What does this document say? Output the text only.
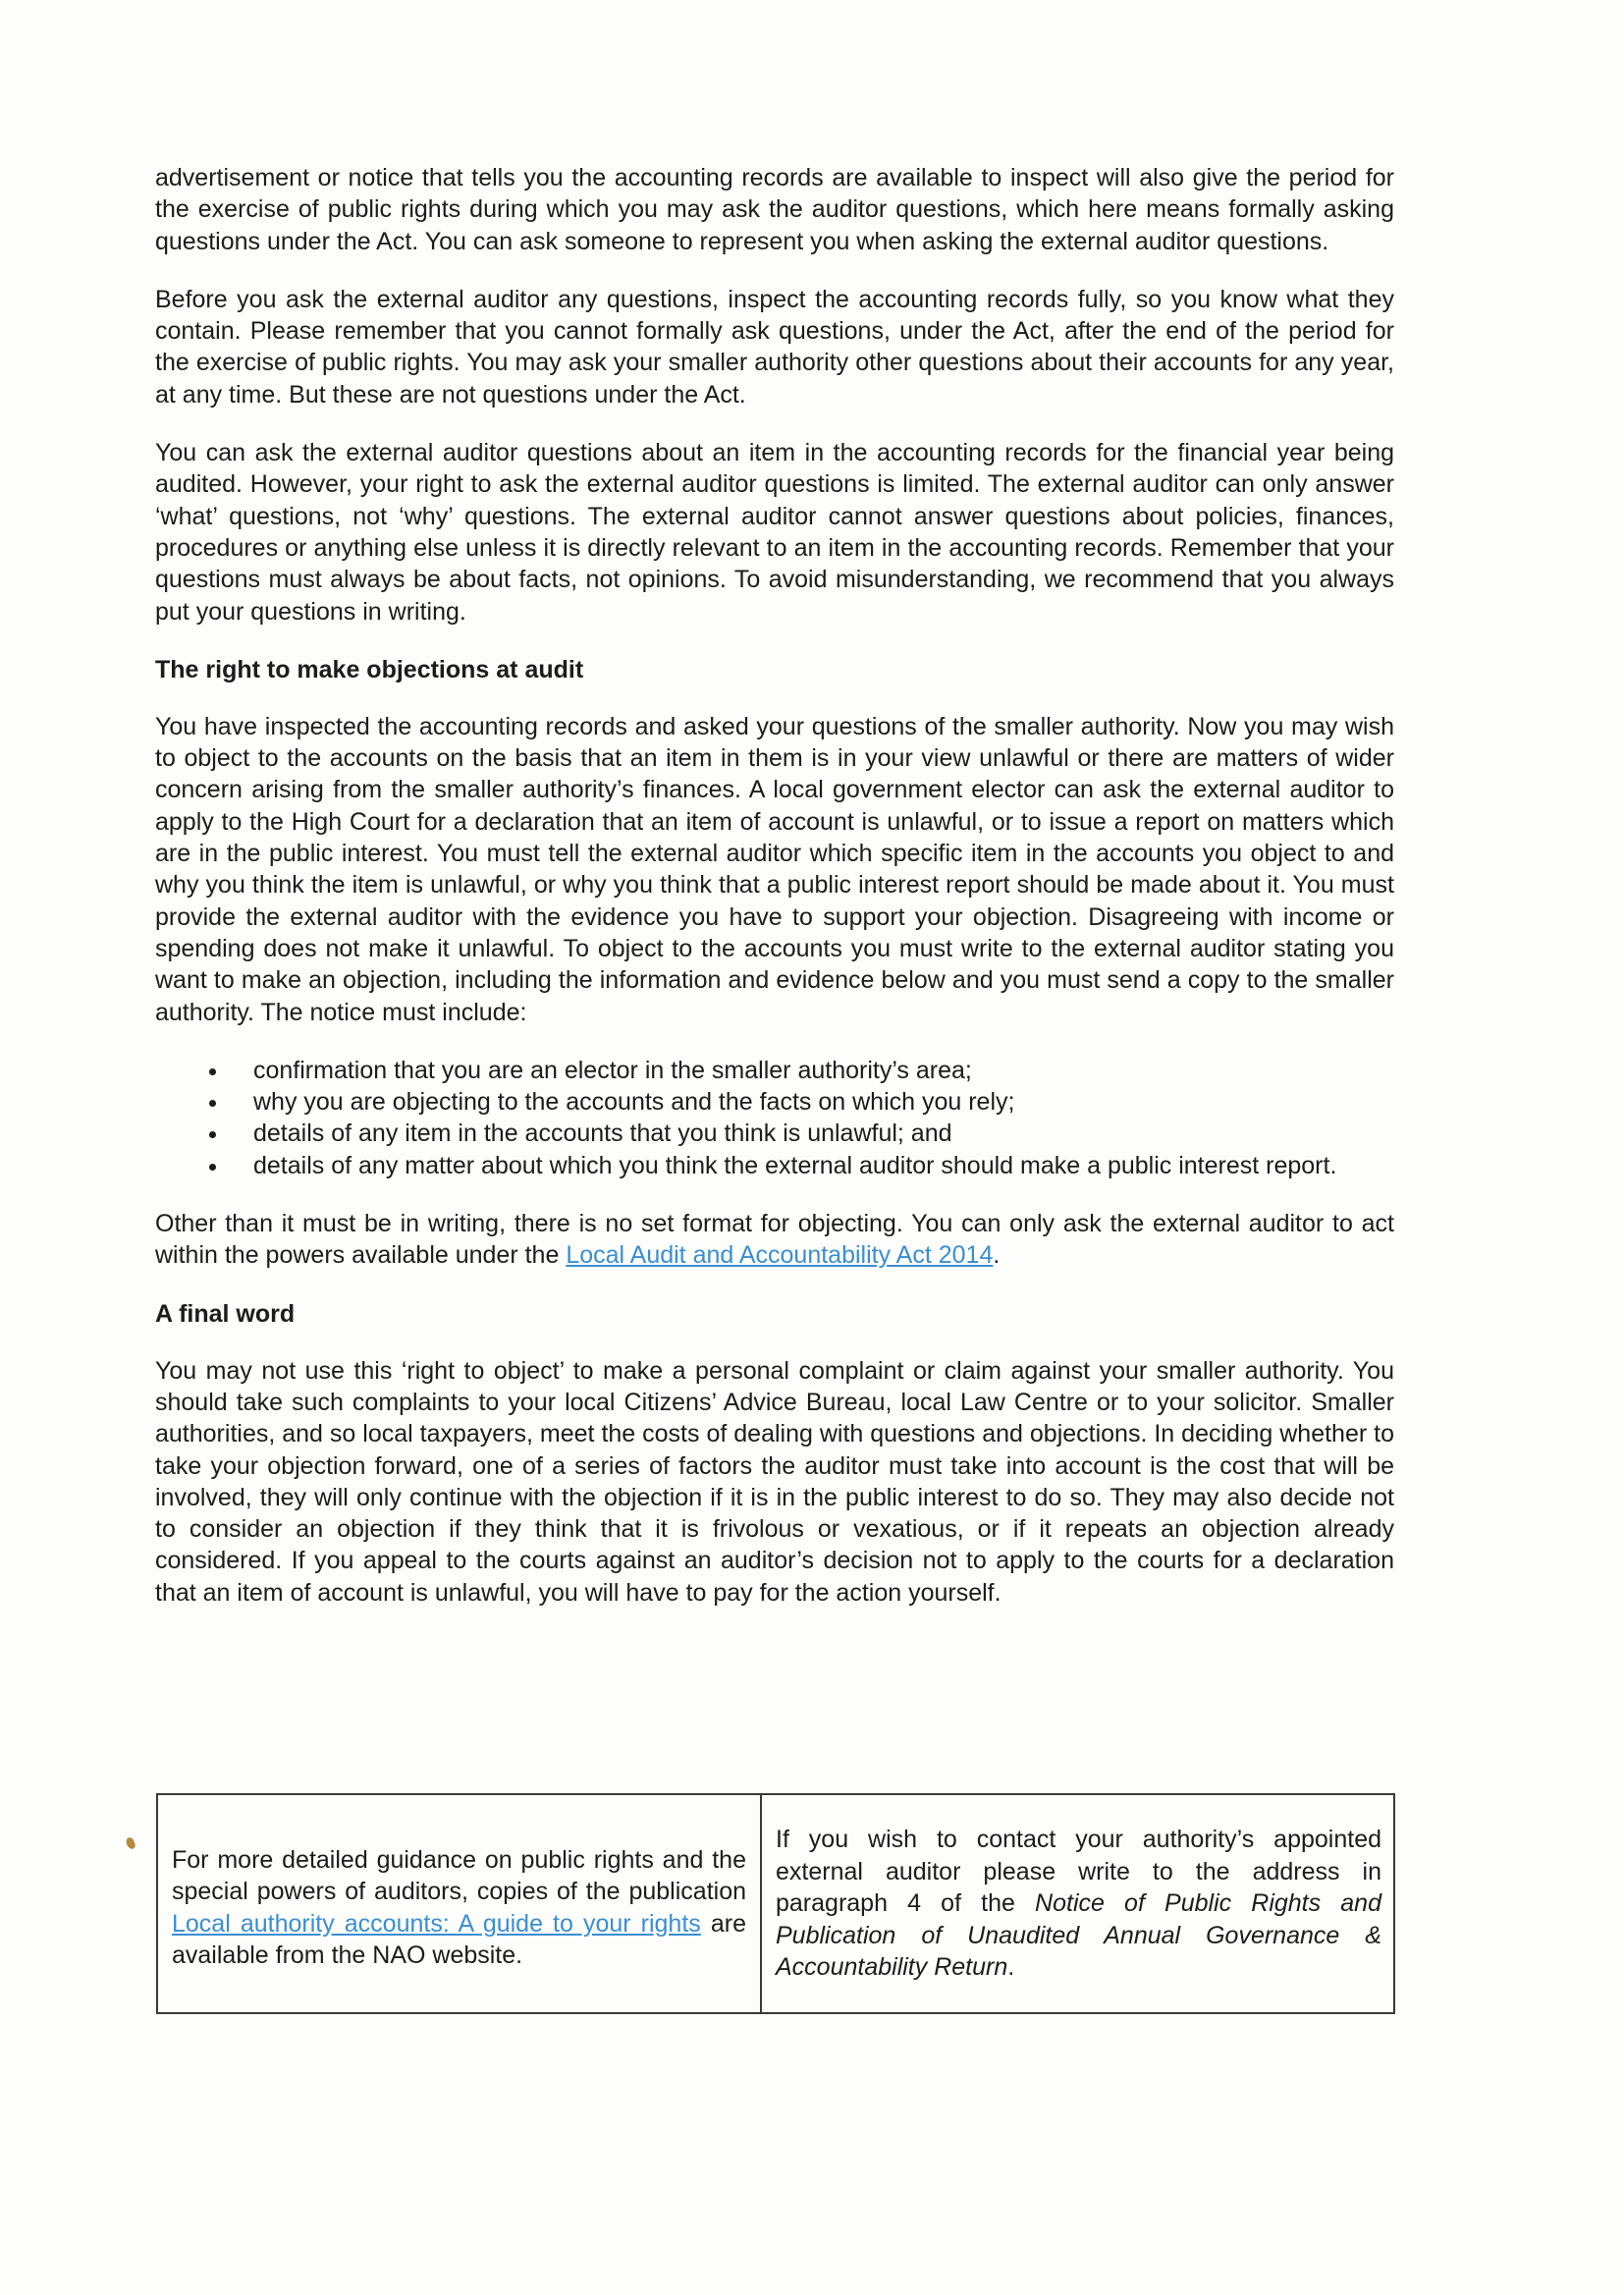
advertisement or notice that tells you the accounting records are available to inspect will also give the period for the exercise of public rights during which you may ask the auditor questions, which here means formally asking questions under the Act. You can ask someone to represent you when asking the external auditor questions.

Before you ask the external auditor any questions, inspect the accounting records fully, so you know what they contain. Please remember that you cannot formally ask questions, under the Act, after the end of the period for the exercise of public rights. You may ask your smaller authority other questions about their accounts for any year, at any time. But these are not questions under the Act.

You can ask the external auditor questions about an item in the accounting records for the financial year being audited. However, your right to ask the external auditor questions is limited. The external auditor can only answer ‘what’ questions, not ‘why’ questions. The external auditor cannot answer questions about policies, finances, procedures or anything else unless it is directly relevant to an item in the accounting records. Remember that your questions must always be about facts, not opinions. To avoid misunderstanding, we recommend that you always put your questions in writing.

The right to make objections at audit

You have inspected the accounting records and asked your questions of the smaller authority. Now you may wish to object to the accounts on the basis that an item in them is in your view unlawful or there are matters of wider concern arising from the smaller authority’s finances. A local government elector can ask the external auditor to apply to the High Court for a declaration that an item of account is unlawful, or to issue a report on matters which are in the public interest. You must tell the external auditor which specific item in the accounts you object to and why you think the item is unlawful, or why you think that a public interest report should be made about it. You must provide the external auditor with the evidence you have to support your objection. Disagreeing with income or spending does not make it unlawful. To object to the accounts you must write to the external auditor stating you want to make an objection, including the information and evidence below and you must send a copy to the smaller authority. The notice must include:

confirmation that you are an elector in the smaller authority’s area;
why you are objecting to the accounts and the facts on which you rely;
details of any item in the accounts that you think is unlawful; and
details of any matter about which you think the external auditor should make a public interest report.

Other than it must be in writing, there is no set format for objecting. You can only ask the external auditor to act within the powers available under the Local Audit and Accountability Act 2014.

A final word

You may not use this ‘right to object’ to make a personal complaint or claim against your smaller authority. You should take such complaints to your local Citizens’ Advice Bureau, local Law Centre or to your solicitor. Smaller authorities, and so local taxpayers, meet the costs of dealing with questions and objections. In deciding whether to take your objection forward, one of a series of factors the auditor must take into account is the cost that will be involved, they will only continue with the objection if it is in the public interest to do so. They may also decide not to consider an objection if they think that it is frivolous or vexatious, or if it repeats an objection already considered. If you appeal to the courts against an auditor’s decision not to apply to the courts for a declaration that an item of account is unlawful, you will have to pay for the action yourself.

For more detailed guidance on public rights and the special powers of auditors, copies of the publication Local authority accounts: A guide to your rights are available from the NAO website.	If you wish to contact your authority’s appointed external auditor please write to the address in paragraph 4 of the Notice of Public Rights and Publication of Unaudited Annual Governance & Accountability Return.
